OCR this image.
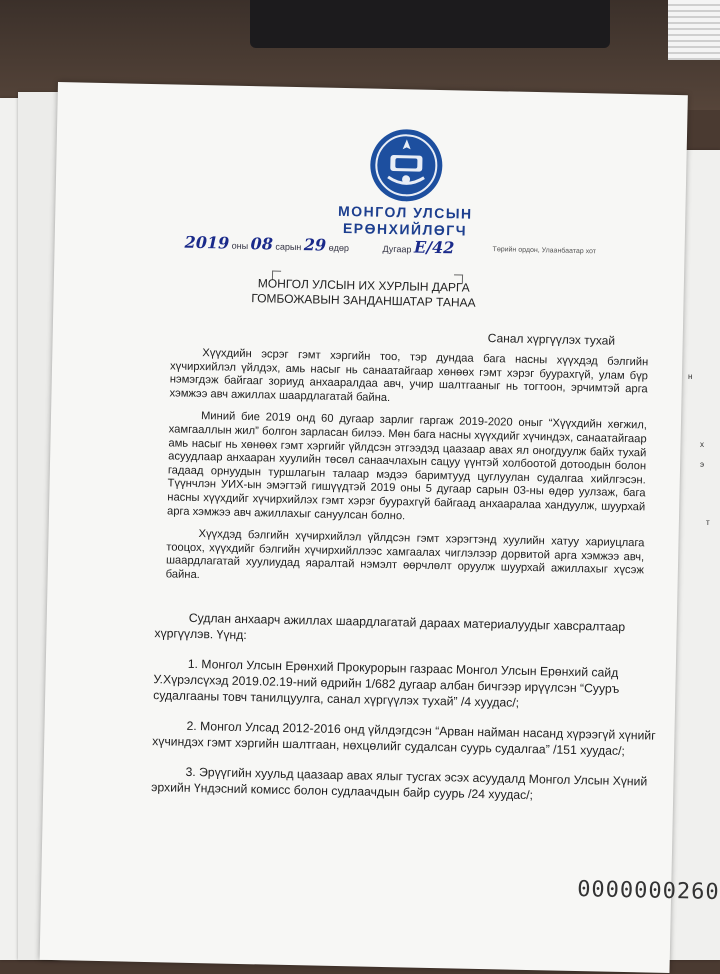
н
х
э
т
МОНГОЛ УЛСЫН
ЕРӨНХИЙЛӨГЧ
2019 оны 08 сарын 29 өдөр	Дугаар Е/42	Төрийн ордон, Улаанбаатар хот
МОНГОЛ УЛСЫН ИХ ХУРЛЫН ДАРГА
ГОМБОЖАВЫН ЗАНДАНШАТАР ТАНАА
Санал хүргүүлэх тухай

Хүүхдийн эсрэг гэмт хэргийн тоо, тэр дундаа бага насны хүүхдэд бэлгийн хүчирхийлэл үйлдэх, амь насыг нь санаатайгаар хөнөөх гэмт хэрэг буурахгүй, улам бүр нэмэгдэж байгааг зориуд анхааралдаа авч, учир шалтгааныг нь тогтоон, эрчимтэй арга хэмжээ авч ажиллах шаардлагатай байна.

Миний бие 2019 онд 60 дугаар зарлиг гаргаж 2019-2020 оныг “Хүүхдийн хөгжил, хамгааллын жил” болгон зарласан билээ. Мөн бага насны хүүхдийг хүчиндэх, санаатайгаар амь насыг нь хөнөөх гэмт хэргийг үйлдсэн этгээдэд цаазаар авах ял оногдуулж байх тухай асуудлаар анхааран хуулийн төсөл санаачлахын сацуу үүнтэй холбоотой дотоодын болон гадаад орнуудын туршлагын талаар мэдээ баримтууд цуглуулан судалгаа хийлгэсэн. Түүнчлэн УИХ-ын эмэгтэй гишүүдтэй 2019 оны 5 дугаар сарын 03-ны өдөр уулзаж, бага насны хүүхдийг хүчирхийлэх гэмт хэрэг буурахгүй байгаад анхааралаа хандуулж, шуурхай арга хэмжээ авч ажиллахыг сануулсан болно.

Хүүхдэд бэлгийн хүчирхийлэл үйлдсэн гэмт хэрэгтэнд хуулийн хатуу хариуцлага тооцох, хүүхдийг бэлгийн хүчирхийллээс хамгаалах чиглэлээр дорвитой арга хэмжээ авч, шаардлагатай хуулиудад яаралтай нэмэлт өөрчлөлт оруулж шуурхай ажиллахыг хүсэж байна.

Судлан анхаарч ажиллах шаардлагатай дараах материалуудыг хавсралтаар хүргүүлэв. Үүнд:

1. Монгол Улсын Ерөнхий Прокурорын газраас Монгол Улсын Ерөнхий сайд У.Хүрэлсүхэд 2019.02.19-ний өдрийн 1/682 дугаар албан бичгээр ирүүлсэн “Сууръ судалгааны товч танилцуулга, санал хүргүүлэх тухай” /4 хуудас/;

2. Монгол Улсад 2012-2016 онд үйлдэгдсэн “Арван найман насанд хүрээгүй хүнийг хүчиндэх гэмт хэргийн шалтгаан, нөхцөлийг судалсан суурь судалгаа” /151 хуудас/;

3. Эрүүгийн хуульд цаазаар авах ялыг тусгах эсэх асуудалд Монгол Улсын Хүний эрхийн Үндэсний комисс болон судлаачдын байр суурь /24 хуудас/;

0000000260
